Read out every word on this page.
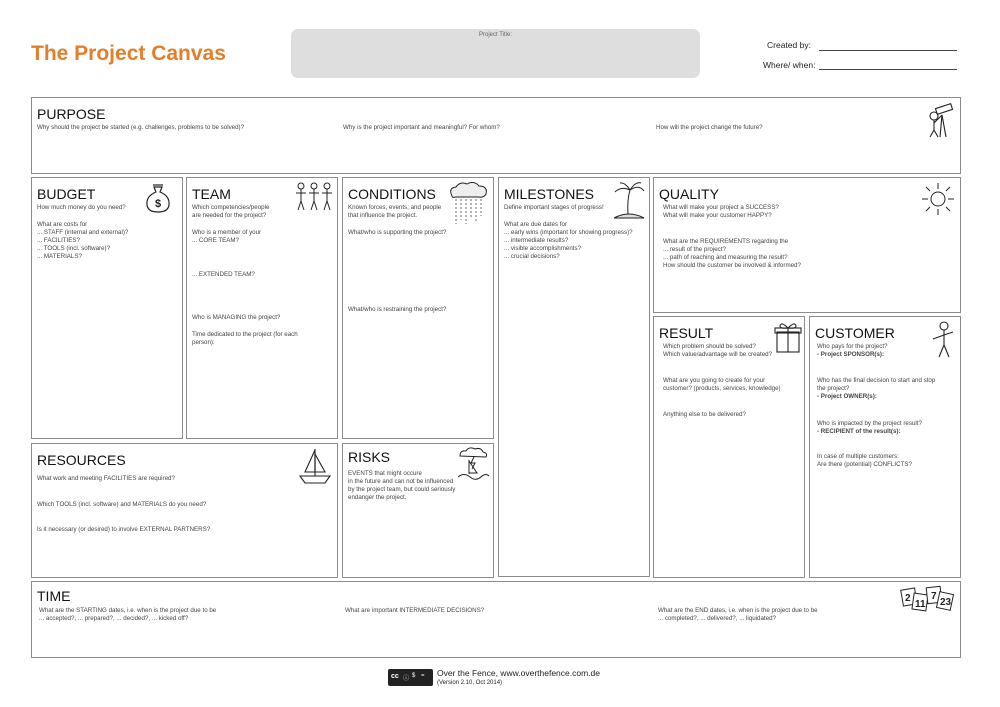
The Project Canvas
Project Title:
Created by:
Where/ when:
PURPOSE
Why should the project be started (e.g. challenges, problems to be solved)?	Why is the project important and meaningful? For whom?	How will the project change the future?
BUDGET
How much money do you need?
What are costs for
... STAFF (internal and external)?
... FACILITIES?
... TOOLS (incl. software)?
... MATERIALS?
$
TEAM
Which competencies/people
are needed for the project?
Who is a member of your
... CORE TEAM?
... EXTENDED TEAM?
Who is MANAGING the project?
Time dedicated to the project (for each
person):
CONDITIONS
Known forces, events, and people
that influence the project.
What/who is supporting the project?
What/who is restraining the project?
MILESTONES
Define important stages of progress!
What are due dates for
... early wins (important for showing progress)?
... intermediate results?
... visible accomplishments?
... crucial decisions?
QUALITY
What will make your project a SUCCESS?
What will make your customer HAPPY?
What are the REQUIREMENTS regarding the
... result of the project?
... path of reaching and measuring the result?
How should the customer be involved & informed?
RESULT
Which problem should be solved?
Which value/advantage will be created?
What are you going to create for your
customer? (products, services, knowledge)
Anything else to be delivered?
CUSTOMER
Who pays for the project?
- Project SPONSOR(s):
Who has the final decision to start and stop
the project?
- Project OWNER(s):
Who is impacted by the project result?
- RECIPIENT of the result(s):
In case of multiple customers:
Are there (potential) CONFLICTS?
RESOURCES
What work and meeting FACILITIES are required?
Which TOOLS (incl. software) and MATERIALS do you need?
Is it necessary (or desired) to involve EXTERNAL PARTNERS?
RISKS
EVENTS that might occure
in the future and can not be influenced
by the project team, but could seriously
endanger the project.
TIME
What are the STARTING dates, i.e. when is the project due to be
... accepted?, ... prepared?, ... decided?, ... kicked off?
What are important INTERMEDIATE DECISIONS?	What are the END dates, i.e. when is the project due to be
... completed?, ... delivered?, ... liquidated?
2
11
7
23
cc ⓘ $ = Over the Fence, www.overthefence.com.de
(Version 2.10, Oct 2014)
